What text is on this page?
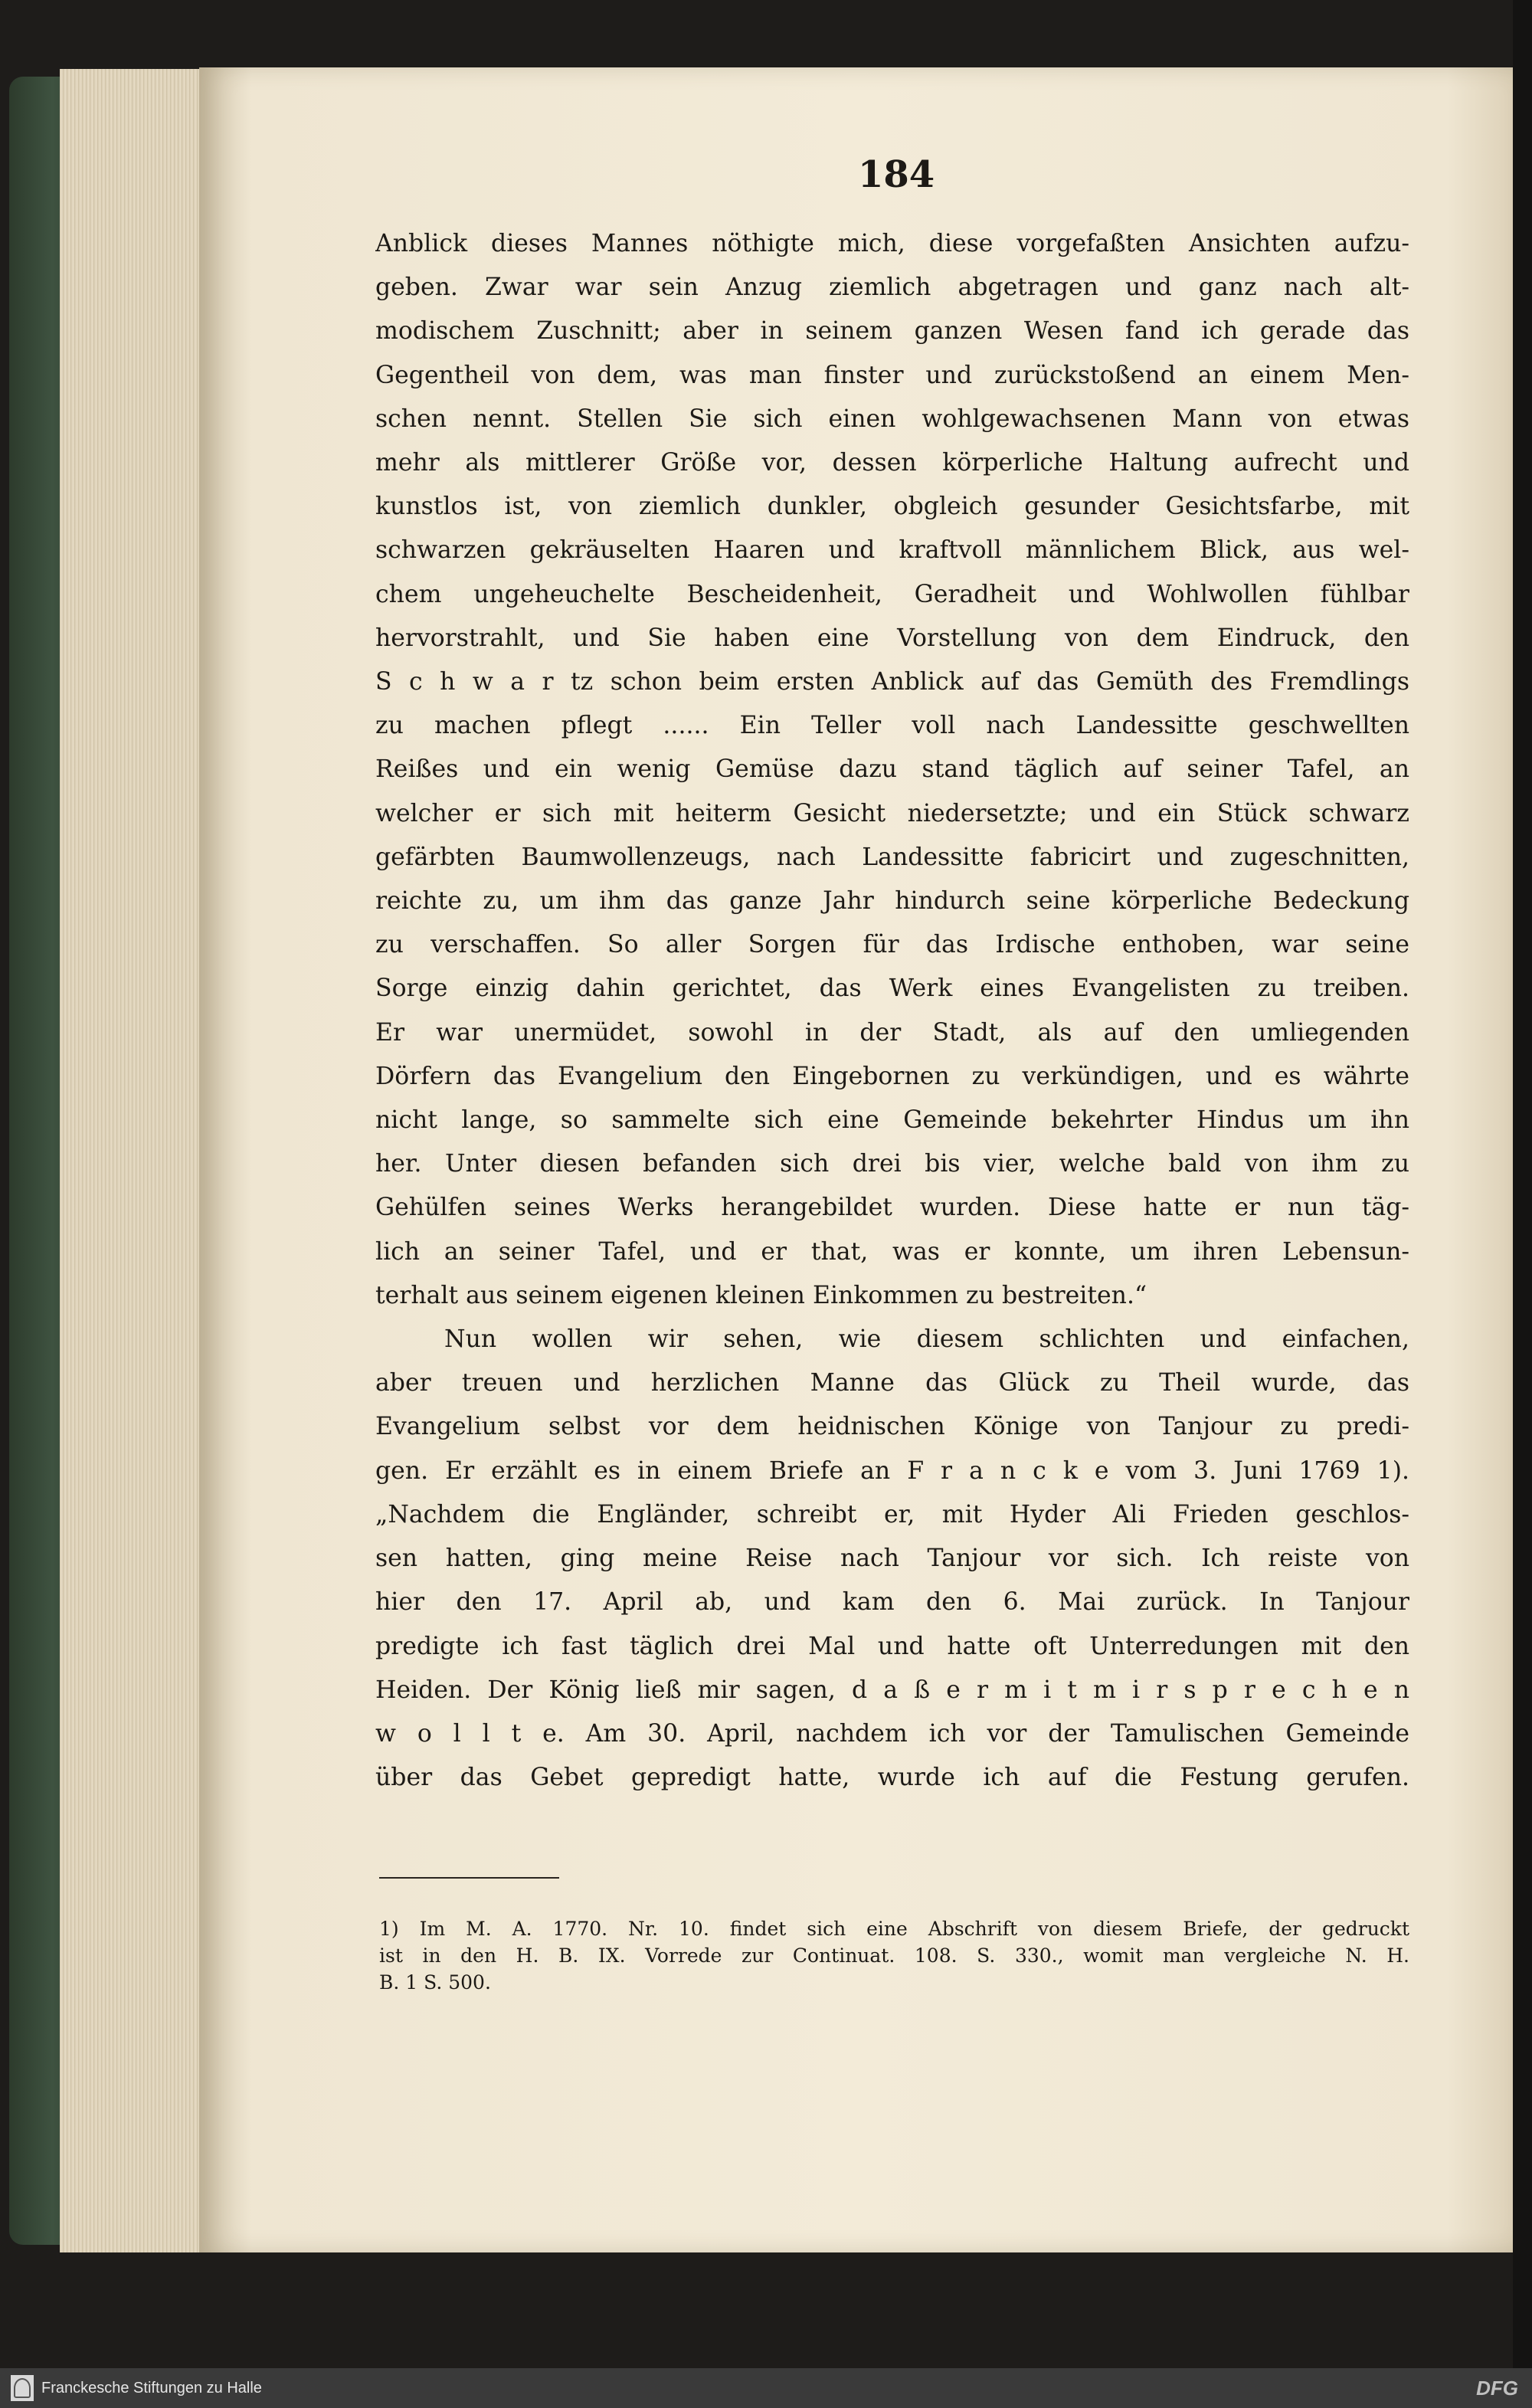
184
Anblick dieses Mannes nöthigte mich, diese vorgefaßten Ansichten aufzu-
geben. Zwar war sein Anzug ziemlich abgetragen und ganz nach alt-
modischem Zuschnitt; aber in seinem ganzen Wesen fand ich gerade das
Gegentheil von dem, was man finster und zurückstoßend an einem Men-
schen nennt. Stellen Sie sich einen wohlgewachsenen Mann von etwas
mehr als mittlerer Größe vor, dessen körperliche Haltung aufrecht und
kunstlos ist, von ziemlich dunkler, obgleich gesunder Gesichtsfarbe, mit
schwarzen gekräuselten Haaren und kraftvoll männlichem Blick, aus wel-
chem ungeheuchelte Bescheidenheit, Geradheit und Wohlwollen fühlbar
hervorstrahlt, und Sie haben eine Vorstellung von dem Eindruck, den
S c h w a r tz schon beim ersten Anblick auf das Gemüth des Fremdlings
zu machen pflegt ...... Ein Teller voll nach Landessitte geschwellten
Reißes und ein wenig Gemüse dazu stand täglich auf seiner Tafel, an
welcher er sich mit heiterm Gesicht niedersetzte; und ein Stück schwarz
gefärbten Baumwollenzeugs, nach Landessitte fabricirt und zugeschnitten,
reichte zu, um ihm das ganze Jahr hindurch seine körperliche Bedeckung
zu verschaffen. So aller Sorgen für das Irdische enthoben, war seine
Sorge einzig dahin gerichtet, das Werk eines Evangelisten zu treiben.
Er war unermüdet, sowohl in der Stadt, als auf den umliegenden
Dörfern das Evangelium den Eingebornen zu verkündigen, und es währte
nicht lange, so sammelte sich eine Gemeinde bekehrter Hindus um ihn
her. Unter diesen befanden sich drei bis vier, welche bald von ihm zu
Gehülfen seines Werks herangebildet wurden. Diese hatte er nun täg-
lich an seiner Tafel, und er that, was er konnte, um ihren Lebensun-
terhalt aus seinem eigenen kleinen Einkommen zu bestreiten.“
Nun wollen wir sehen, wie diesem schlichten und einfachen,
aber treuen und herzlichen Manne das Glück zu Theil wurde, das
Evangelium selbst vor dem heidnischen Könige von Tanjour zu predi-
gen. Er erzählt es in einem Briefe an F r a n c k e vom 3. Juni 1769 1).
„Nachdem die Engländer, schreibt er, mit Hyder Ali Frieden geschlos-
sen hatten, ging meine Reise nach Tanjour vor sich. Ich reiste von
hier den 17. April ab, und kam den 6. Mai zurück. In Tanjour
predigte ich fast täglich drei Mal und hatte oft Unterredungen mit den
Heiden. Der König ließ mir sagen, d a ß e r m i t m i r s p r e c h e n
w o l l t e. Am 30. April, nachdem ich vor der Tamulischen Gemeinde
über das Gebet gepredigt hatte, wurde ich auf die Festung gerufen.
1) Im M. A. 1770. Nr. 10. findet sich eine Abschrift von diesem Briefe, der gedruckt
ist in den H. B. IX. Vorrede zur Continuat. 108. S. 330., womit man vergleiche N. H.
B. 1 S. 500.
Franckesche Stiftungen zu Halle	DFG
